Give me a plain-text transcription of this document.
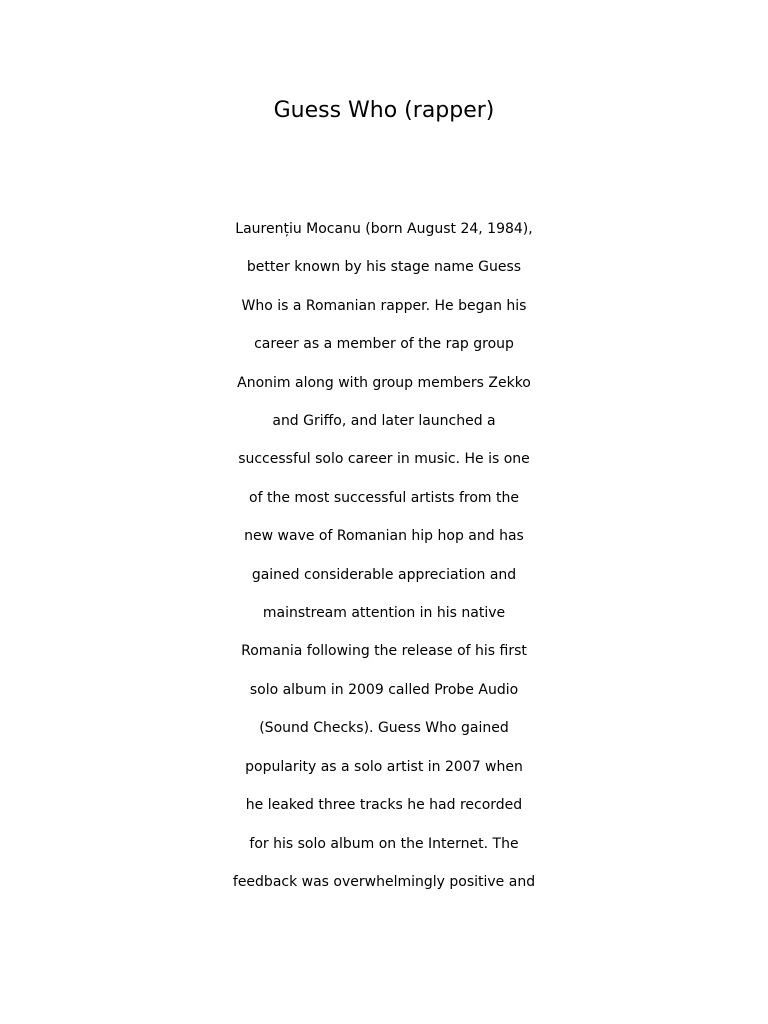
Guess Who (rapper)
Laurențiu Mocanu (born August 24, 1984),
better known by his stage name Guess
Who is a Romanian rapper. He began his
career as a member of the rap group
Anonim along with group members Zekko
and Griffo, and later launched a
successful solo career in music. He is one
of the most successful artists from the
new wave of Romanian hip hop and has
gained considerable appreciation and
mainstream attention in his native
Romania following the release of his first
solo album in 2009 called Probe Audio
(Sound Checks). Guess Who gained
popularity as a solo artist in 2007 when
he leaked three tracks he had recorded
for his solo album on the Internet. The
feedback was overwhelmingly positive and
